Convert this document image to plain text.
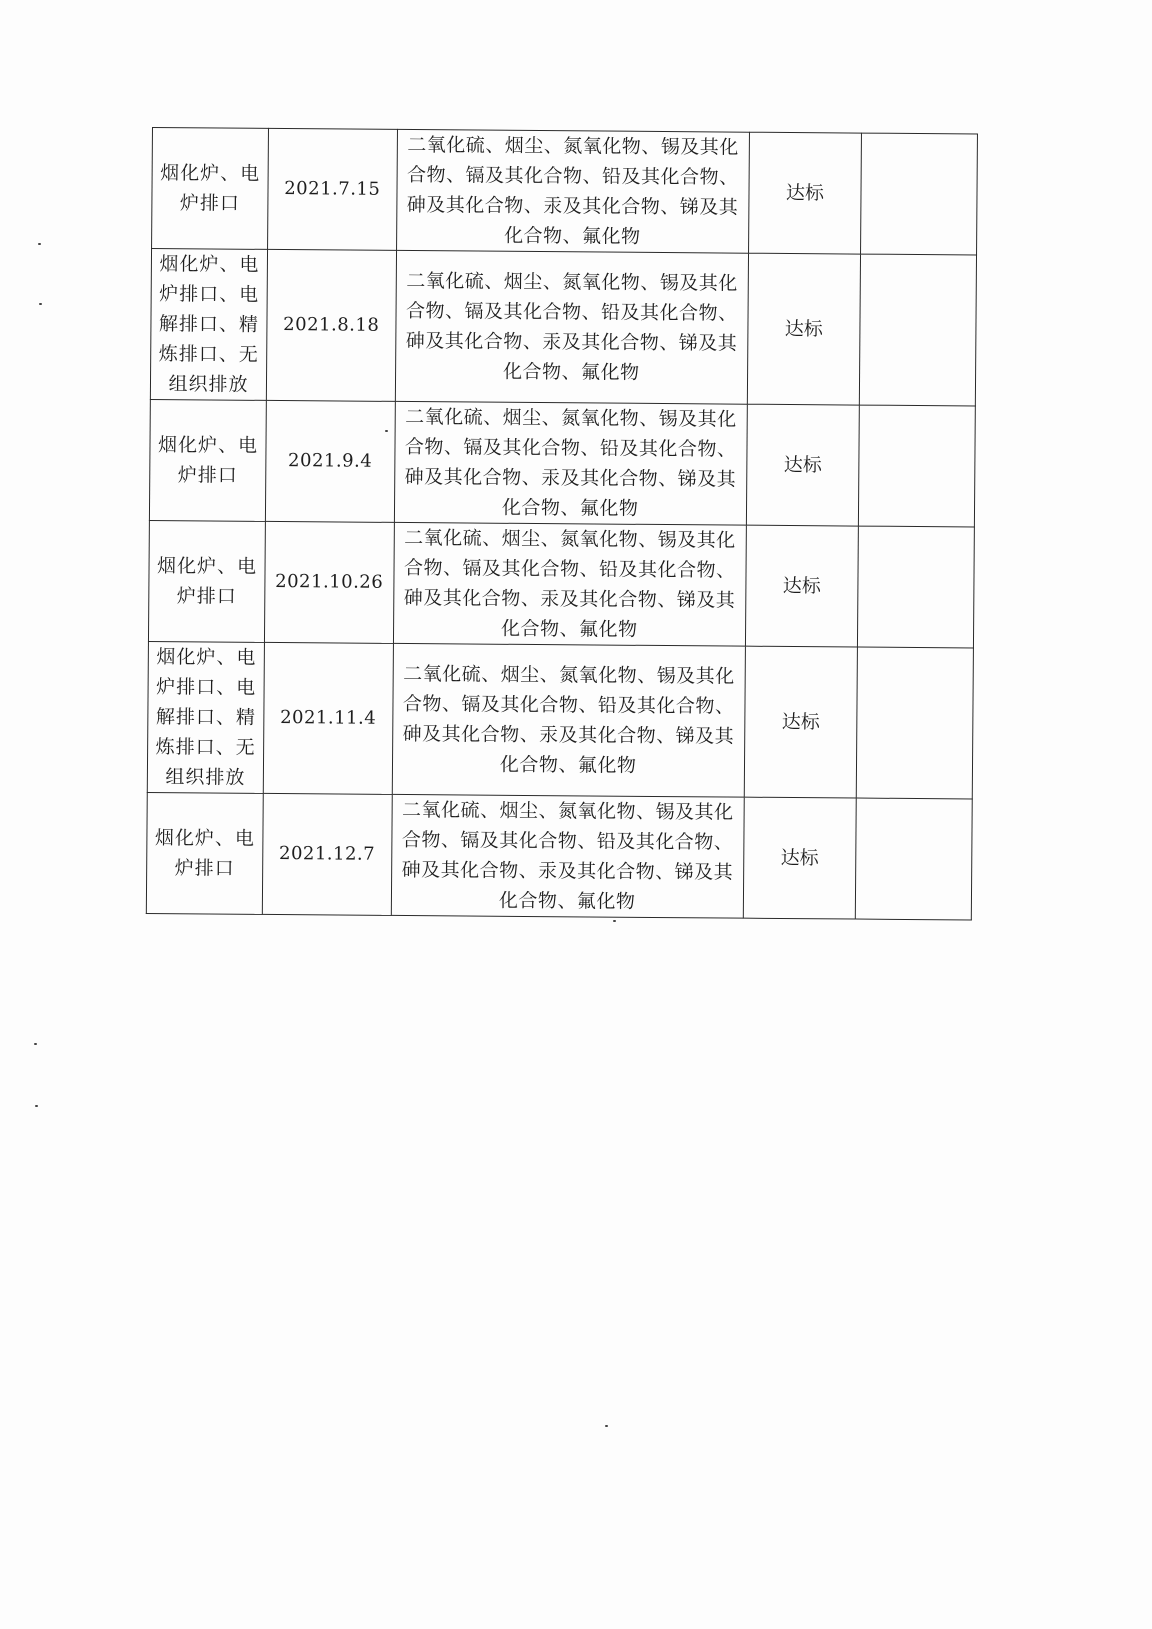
烟化炉、电炉排口	2021.7.15	二氧化硫、烟尘、氮氧化物、锡及其化合物、镉及其化合物、铅及其化合物、砷及其化合物、汞及其化合物、锑及其化合物、氟化物	达标	
烟化炉、电炉排口、电解排口、精炼排口、无组织排放	2021.8.18	二氧化硫、烟尘、氮氧化物、锡及其化合物、镉及其化合物、铅及其化合物、砷及其化合物、汞及其化合物、锑及其化合物、氟化物	达标	
烟化炉、电炉排口	2021.9.4	二氧化硫、烟尘、氮氧化物、锡及其化合物、镉及其化合物、铅及其化合物、砷及其化合物、汞及其化合物、锑及其化合物、氟化物	达标	
烟化炉、电炉排口	2021.10.26	二氧化硫、烟尘、氮氧化物、锡及其化合物、镉及其化合物、铅及其化合物、砷及其化合物、汞及其化合物、锑及其化合物、氟化物	达标	
烟化炉、电炉排口、电解排口、精炼排口、无组织排放	2021.11.4	二氧化硫、烟尘、氮氧化物、锡及其化合物、镉及其化合物、铅及其化合物、砷及其化合物、汞及其化合物、锑及其化合物、氟化物	达标	
烟化炉、电炉排口	2021.12.7	二氧化硫、烟尘、氮氧化物、锡及其化合物、镉及其化合物、铅及其化合物、砷及其化合物、汞及其化合物、锑及其化合物、氟化物	达标	
